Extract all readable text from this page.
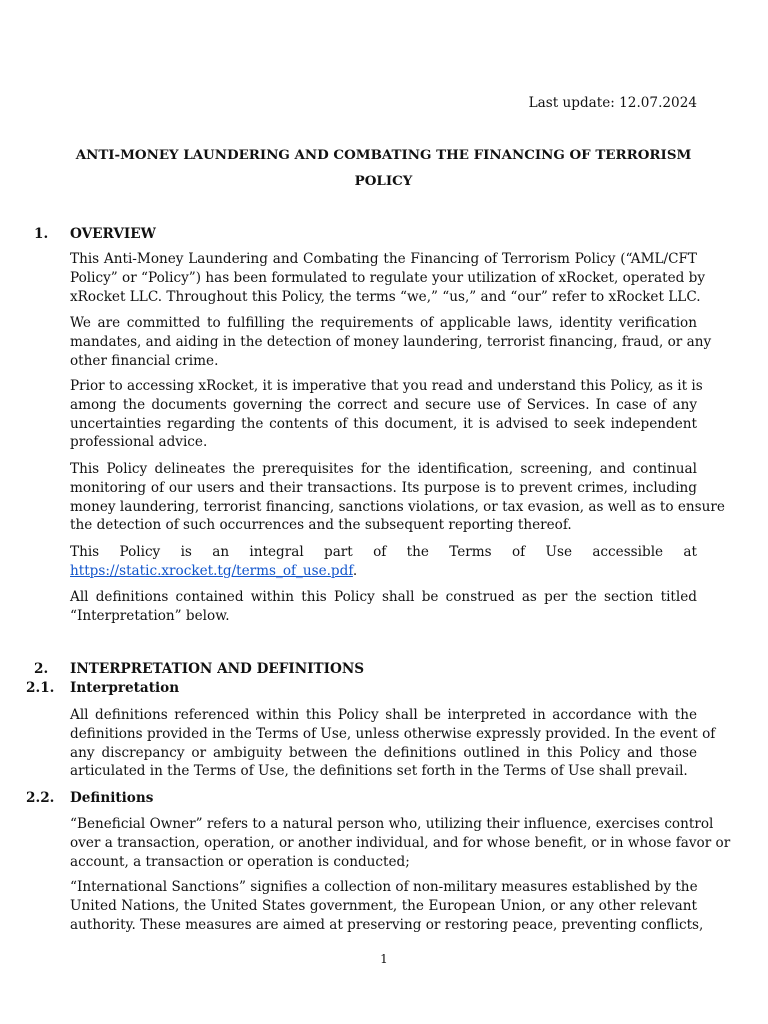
Last update: 12.07.2024
ANTI-MONEY LAUNDERING AND COMBATING THE FINANCING OF TERRORISM
POLICY
1.	OVERVIEW

This Anti-Money Laundering and Combating the Financing of Terrorism Policy (“AML/CFT
Policy” or “Policy”) has been formulated to regulate your utilization of xRocket, operated by
xRocket LLC. Throughout this Policy, the terms “we,” “us,” and “our” refer to xRocket LLC.

We are committed to fulfilling the requirements of applicable laws, identity verification
mandates, and aiding in the detection of money laundering, terrorist financing, fraud, or any
other financial crime.

Prior to accessing xRocket, it is imperative that you read and understand this Policy, as it is
among the documents governing the correct and secure use of Services. In case of any
uncertainties regarding the contents of this document, it is advised to seek independent
professional advice.

This Policy delineates the prerequisites for the identification, screening, and continual
monitoring of our users and their transactions. Its purpose is to prevent crimes, including
money laundering, terrorist financing, sanctions violations, or tax evasion, as well as to ensure
the detection of such occurrences and the subsequent reporting thereof.

This Policy is an integral part of the Terms of Use accessible at
https://static.xrocket.tg/terms_of_use.pdf.

All definitions contained within this Policy shall be construed as per the section titled
“Interpretation” below.

2.	INTERPRETATION AND DEFINITIONS
2.1.	Interpretation

All definitions referenced within this Policy shall be interpreted in accordance with the
definitions provided in the Terms of Use, unless otherwise expressly provided. In the event of
any discrepancy or ambiguity between the definitions outlined in this Policy and those
articulated in the Terms of Use, the definitions set forth in the Terms of Use shall prevail.

2.2.	Definitions

“Beneficial Owner” refers to a natural person who, utilizing their influence, exercises control
over a transaction, operation, or another individual, and for whose benefit, or in whose favor or
account, a transaction or operation is conducted;

“International Sanctions” signifies a collection of non-military measures established by the
United Nations, the United States government, the European Union, or any other relevant
authority. These measures are aimed at preserving or restoring peace, preventing conflicts,

1
